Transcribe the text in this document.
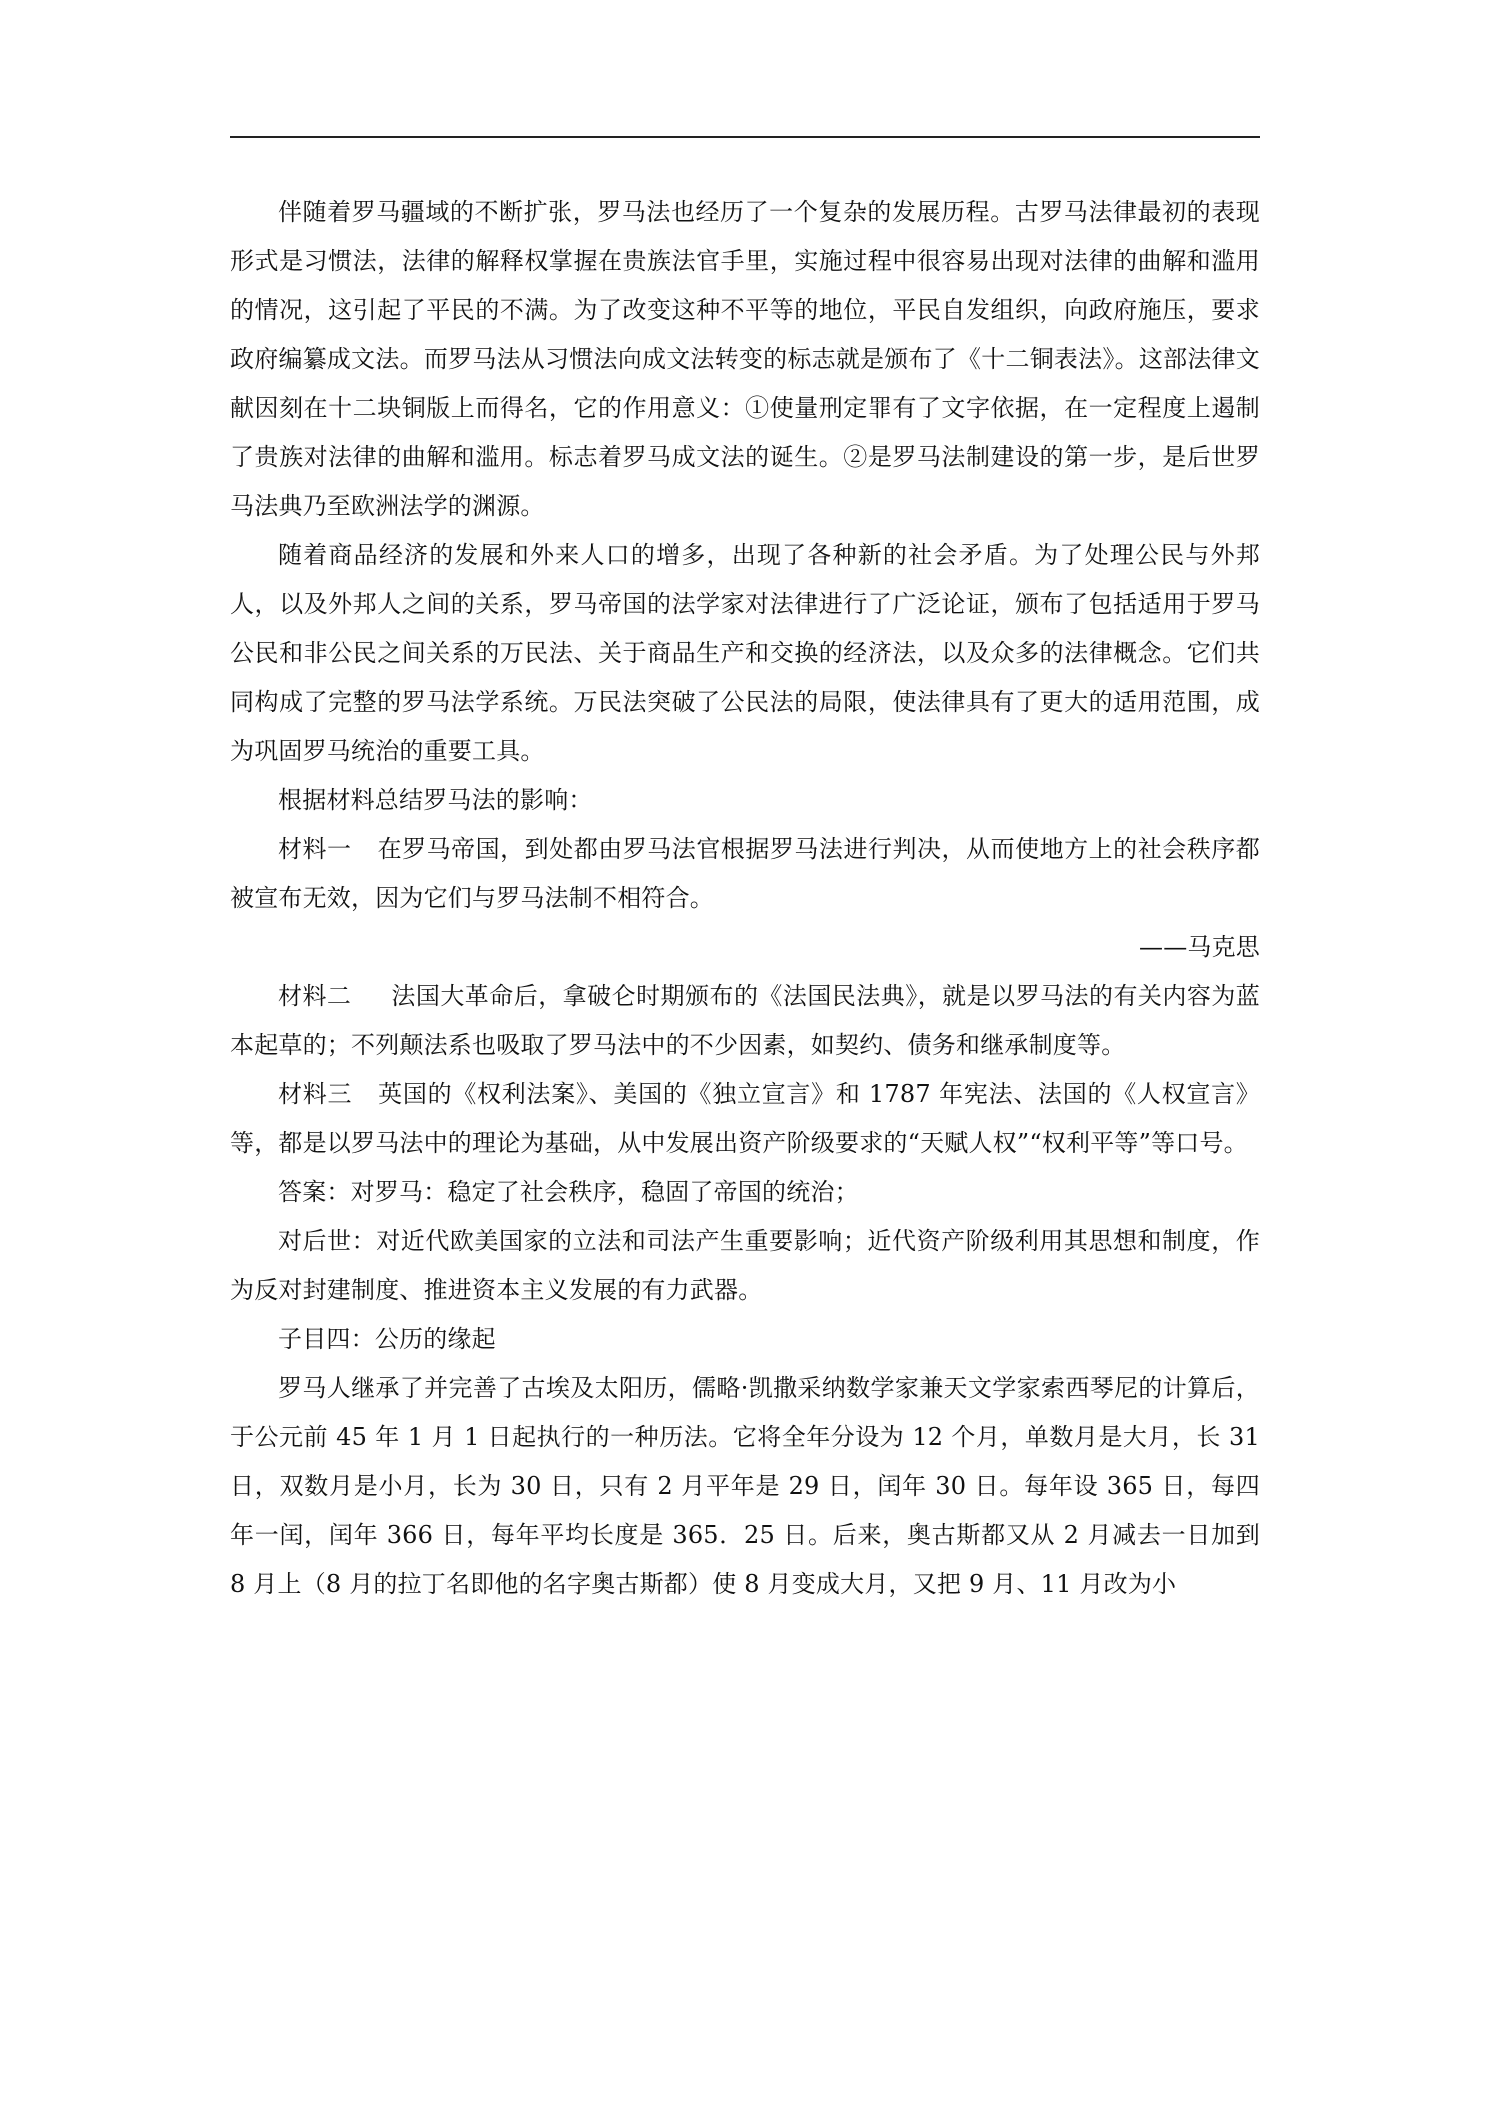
伴随着罗马疆域的不断扩张，罗马法也经历了一个复杂的发展历程。古罗马法律最初的表现形式是习惯法，法律的解释权掌握在贵族法官手里，实施过程中很容易出现对法律的曲解和滥用的情况，这引起了平民的不满。为了改变这种不平等的地位，平民自发组织，向政府施压，要求政府编纂成文法。而罗马法从习惯法向成文法转变的标志就是颁布了《十二铜表法》。这部法律文献因刻在十二块铜版上而得名，它的作用意义：①使量刑定罪有了文字依据，在一定程度上遏制了贵族对法律的曲解和滥用。标志着罗马成文法的诞生。②是罗马法制建设的第一步，是后世罗马法典乃至欧洲法学的渊源。

随着商品经济的发展和外来人口的增多，出现了各种新的社会矛盾。为了处理公民与外邦人，以及外邦人之间的关系，罗马帝国的法学家对法律进行了广泛论证，颁布了包括适用于罗马公民和非公民之间关系的万民法、关于商品生产和交换的经济法，以及众多的法律概念。它们共同构成了完整的罗马法学系统。万民法突破了公民法的局限，使法律具有了更大的适用范围，成为巩固罗马统治的重要工具。

根据材料总结罗马法的影响：

材料一 在罗马帝国，到处都由罗马法官根据罗马法进行判决，从而使地方上的社会秩序都被宣布无效，因为它们与罗马法制不相符合。

——马克思

材料二 法国大革命后，拿破仑时期颁布的《法国民法典》，就是以罗马法的有关内容为蓝本起草的；不列颠法系也吸取了罗马法中的不少因素，如契约、债务和继承制度等。

材料三 英国的《权利法案》、美国的《独立宣言》和 1787 年宪法、法国的《人权宣言》等，都是以罗马法中的理论为基础，从中发展出资产阶级要求的“天赋人权”“权利平等”等口号。

答案：对罗马：稳定了社会秩序，稳固了帝国的统治；

对后世：对近代欧美国家的立法和司法产生重要影响；近代资产阶级利用其思想和制度，作为反对封建制度、推进资本主义发展的有力武器。

子目四：公历的缘起

罗马人继承了并完善了古埃及太阳历，儒略·凯撒采纳数学家兼天文学家索西琴尼的计算后，于公元前 45 年 1 月 1 日起执行的一种历法。它将全年分设为 12 个月，单数月是大月，长 31 日，双数月是小月，长为 30 日，只有 2 月平年是 29 日，闰年 30 日。每年设 365 日，每四年一闰，闰年 366 日，每年平均长度是 365．25 日。后来，奥古斯都又从 2 月减去一日加到 8 月上（8 月的拉丁名即他的名字奥古斯都）使 8 月变成大月，又把 9 月、11 月改为小
